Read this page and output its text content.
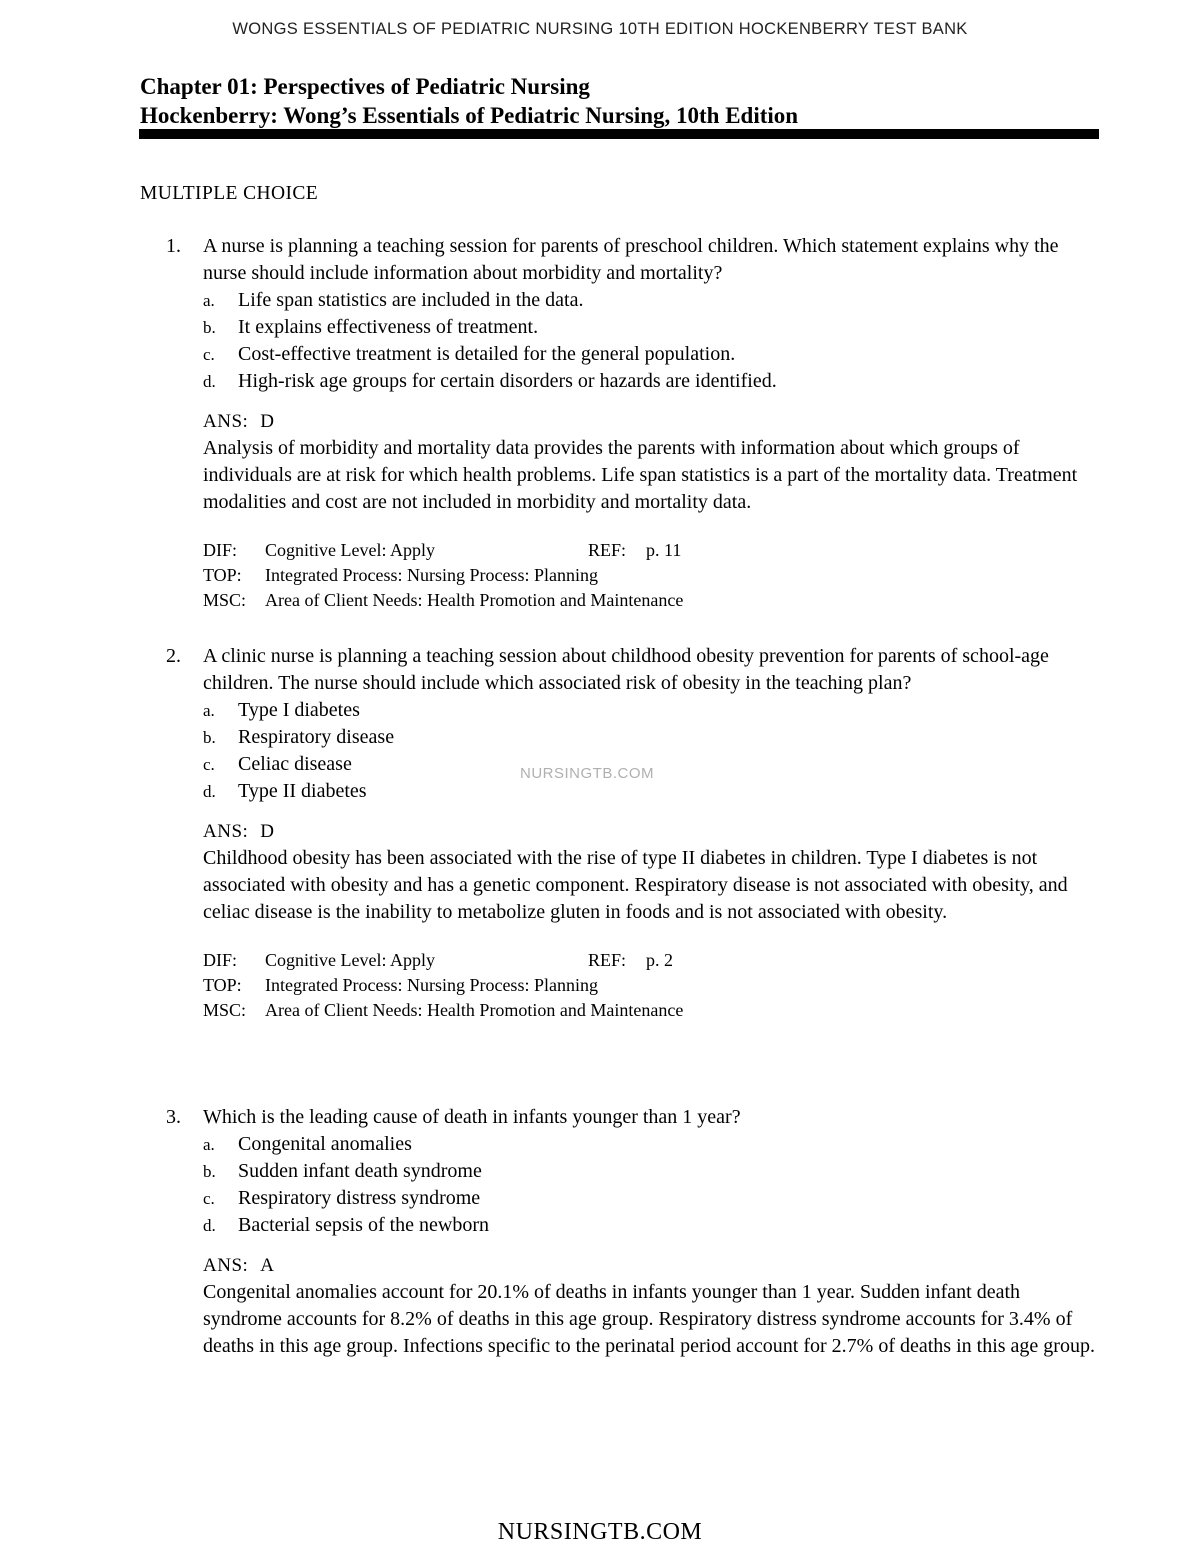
WONGS ESSENTIALS OF PEDIATRIC NURSING 10TH EDITION HOCKENBERRY TEST BANK
Chapter 01: Perspectives of Pediatric Nursing
Hockenberry: Wong’s Essentials of Pediatric Nursing, 10th Edition
MULTIPLE CHOICE
1. A nurse is planning a teaching session for parents of preschool children. Which statement explains why the nurse should include information about morbidity and mortality?
a. Life span statistics are included in the data.
b. It explains effectiveness of treatment.
c. Cost-effective treatment is detailed for the general population.
d. High-risk age groups for certain disorders or hazards are identified.
ANS: D
Analysis of morbidity and mortality data provides the parents with information about which groups of individuals are at risk for which health problems. Life span statistics is a part of the mortality data. Treatment modalities and cost are not included in morbidity and mortality data.
DIF: Cognitive Level: Apply	REF: p. 11
TOP: Integrated Process: Nursing Process: Planning
MSC: Area of Client Needs: Health Promotion and Maintenance
2. A clinic nurse is planning a teaching session about childhood obesity prevention for parents of school-age children. The nurse should include which associated risk of obesity in the teaching plan?
a. Type I diabetes
b. Respiratory disease
c. Celiac disease
d. Type II diabetes
ANS: D
Childhood obesity has been associated with the rise of type II diabetes in children. Type I diabetes is not associated with obesity and has a genetic component. Respiratory disease is not associated with obesity, and celiac disease is the inability to metabolize gluten in foods and is not associated with obesity.
DIF: Cognitive Level: Apply	REF: p. 2
TOP: Integrated Process: Nursing Process: Planning
MSC: Area of Client Needs: Health Promotion and Maintenance
3. Which is the leading cause of death in infants younger than 1 year?
a. Congenital anomalies
b. Sudden infant death syndrome
c. Respiratory distress syndrome
d. Bacterial sepsis of the newborn
ANS: A
Congenital anomalies account for 20.1% of deaths in infants younger than 1 year. Sudden infant death syndrome accounts for 8.2% of deaths in this age group. Respiratory distress syndrome accounts for 3.4% of deaths in this age group. Infections specific to the perinatal period account for 2.7% of deaths in this age group.
NURSINGTB.COM
NURSINGTB.COM
